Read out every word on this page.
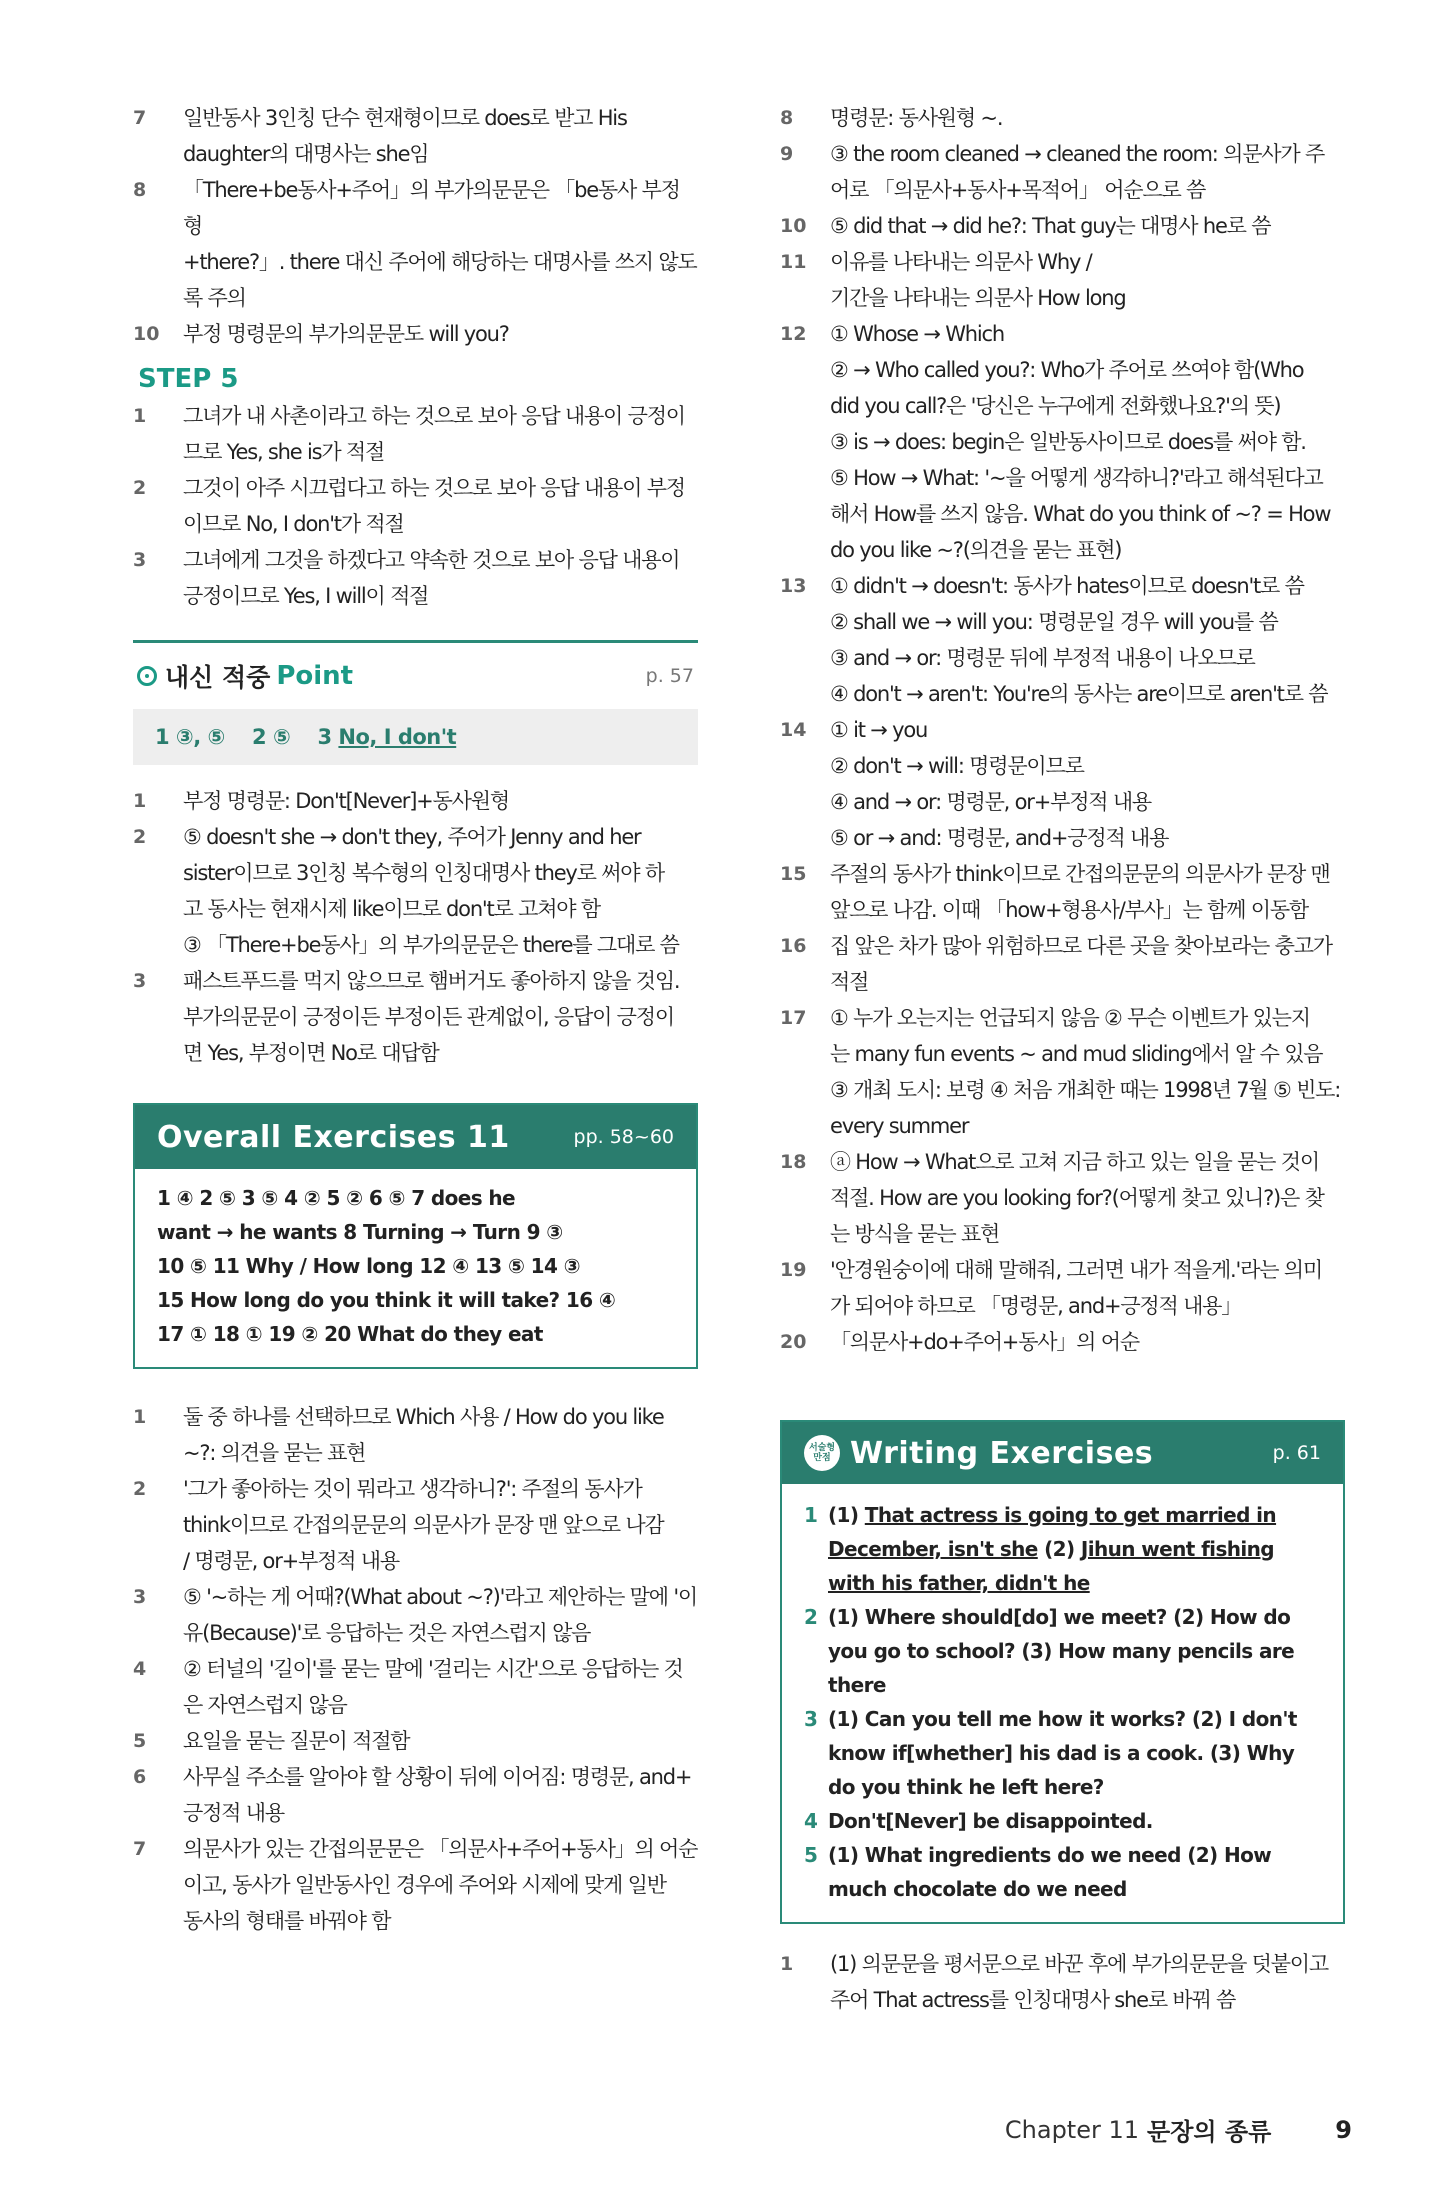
7	일반동사 3인칭 단수 현재형이므로 does로 받고 His
daughter의 대명사는 she임
8	「There+be동사+주어」의 부가의문문은 「be동사 부정형
+there?」. there 대신 주어에 해당하는 대명사를 쓰지 않도
록 주의
10	부정 명령문의 부가의문문도 will you?
STEP 5
1	그녀가 내 사촌이라고 하는 것으로 보아 응답 내용이 긍정이
므로 Yes, she is가 적절
2	그것이 아주 시끄럽다고 하는 것으로 보아 응답 내용이 부정
이므로 No, I don't가 적절
3	그녀에게 그것을 하겠다고 약속한 것으로 보아 응답 내용이
긍정이므로 Yes, I will이 적절
내신 적중 Point	p. 57
1 ③, ⑤ 2 ⑤ 3 No, I don't
1	부정 명령문: Don't[Never]+동사원형
2	⑤ doesn't she → don't they, 주어가 Jenny and her
sister이므로 3인칭 복수형의 인칭대명사 they로 써야 하
고 동사는 현재시제 like이므로 don't로 고쳐야 함
③ 「There+be동사」의 부가의문문은 there를 그대로 씀
3	패스트푸드를 먹지 않으므로 햄버거도 좋아하지 않을 것임.
부가의문문이 긍정이든 부정이든 관계없이, 응답이 긍정이
면 Yes, 부정이면 No로 대답함
Overall Exercises 11	pp. 58~60
1 ④ 2 ⑤ 3 ⑤ 4 ② 5 ② 6 ⑤ 7 does he
want → he wants 8 Turning → Turn 9 ③
10 ⑤ 11 Why / How long 12 ④ 13 ⑤ 14 ③
15 How long do you think it will take? 16 ④
17 ① 18 ① 19 ② 20 What do they eat
1	둘 중 하나를 선택하므로 Which 사용 / How do you like
~?: 의견을 묻는 표현
2	'그가 좋아하는 것이 뭐라고 생각하니?': 주절의 동사가
think이므로 간접의문문의 의문사가 문장 맨 앞으로 나감
/ 명령문, or+부정적 내용
3	⑤ '~하는 게 어때?(What about ~?)'라고 제안하는 말에 '이
유(Because)'로 응답하는 것은 자연스럽지 않음
4	② 터널의 '길이'를 묻는 말에 '걸리는 시간'으로 응답하는 것
은 자연스럽지 않음
5	요일을 묻는 질문이 적절함
6	사무실 주소를 알아야 할 상황이 뒤에 이어짐: 명령문, and+
긍정적 내용
7	의문사가 있는 간접의문문은 「의문사+주어+동사」의 어순
이고, 동사가 일반동사인 경우에 주어와 시제에 맞게 일반
동사의 형태를 바꿔야 함
8	명령문: 동사원형 ~.
9	③ the room cleaned → cleaned the room: 의문사가 주
어로 「의문사+동사+목적어」 어순으로 씀
10	⑤ did that → did he?: That guy는 대명사 he로 씀
11	이유를 나타내는 의문사 Why /
기간을 나타내는 의문사 How long
12	① Whose → Which
② → Who called you?: Who가 주어로 쓰여야 함(Who
did you call?은 '당신은 누구에게 전화했나요?'의 뜻)
③ is → does: begin은 일반동사이므로 does를 써야 함.
⑤ How → What: '~을 어떻게 생각하니?'라고 해석된다고
해서 How를 쓰지 않음. What do you think of ~? = How
do you like ~?(의견을 묻는 표현)
13	① didn't → doesn't: 동사가 hates이므로 doesn't로 씀
② shall we → will you: 명령문일 경우 will you를 씀
③ and → or: 명령문 뒤에 부정적 내용이 나오므로
④ don't → aren't: You're의 동사는 are이므로 aren't로 씀
14	① it → you
② don't → will: 명령문이므로
④ and → or: 명령문, or+부정적 내용
⑤ or → and: 명령문, and+긍정적 내용
15	주절의 동사가 think이므로 간접의문문의 의문사가 문장 맨
앞으로 나감. 이때 「how+형용사/부사」는 함께 이동함
16	집 앞은 차가 많아 위험하므로 다른 곳을 찾아보라는 충고가
적절
17	① 누가 오는지는 언급되지 않음 ② 무슨 이벤트가 있는지
는 many fun events ~ and mud sliding에서 알 수 있음
③ 개최 도시: 보령 ④ 처음 개최한 때는 1998년 7월 ⑤ 빈도:
every summer
18	ⓐ How → What으로 고쳐 지금 하고 있는 일을 묻는 것이
적절. How are you looking for?(어떻게 찾고 있니?)은 찾
는 방식을 묻는 표현
19	'안경원숭이에 대해 말해줘, 그러면 내가 적을게.'라는 의미
가 되어야 하므로 「명령문, and+긍정적 내용」
20	「의문사+do+주어+동사」의 어순
서술형
만점 Writing Exercises	p. 61
1 (1) That actress is going to get married in December, isn't she (2) Jihun went fishing with his father, didn't he
2 (1) Where should[do] we meet? (2) How do you go to school? (3) How many pencils are there
3 (1) Can you tell me how it works? (2) I don't know if[whether] his dad is a cook. (3) Why do you think he left here?
4 Don't[Never] be disappointed.
5 (1) What ingredients do we need (2) How much chocolate do we need
1	(1) 의문문을 평서문으로 바꾼 후에 부가의문문을 덧붙이고
주어 That actress를 인칭대명사 she로 바꿔 씀
Chapter 11 문장의 종류	9
